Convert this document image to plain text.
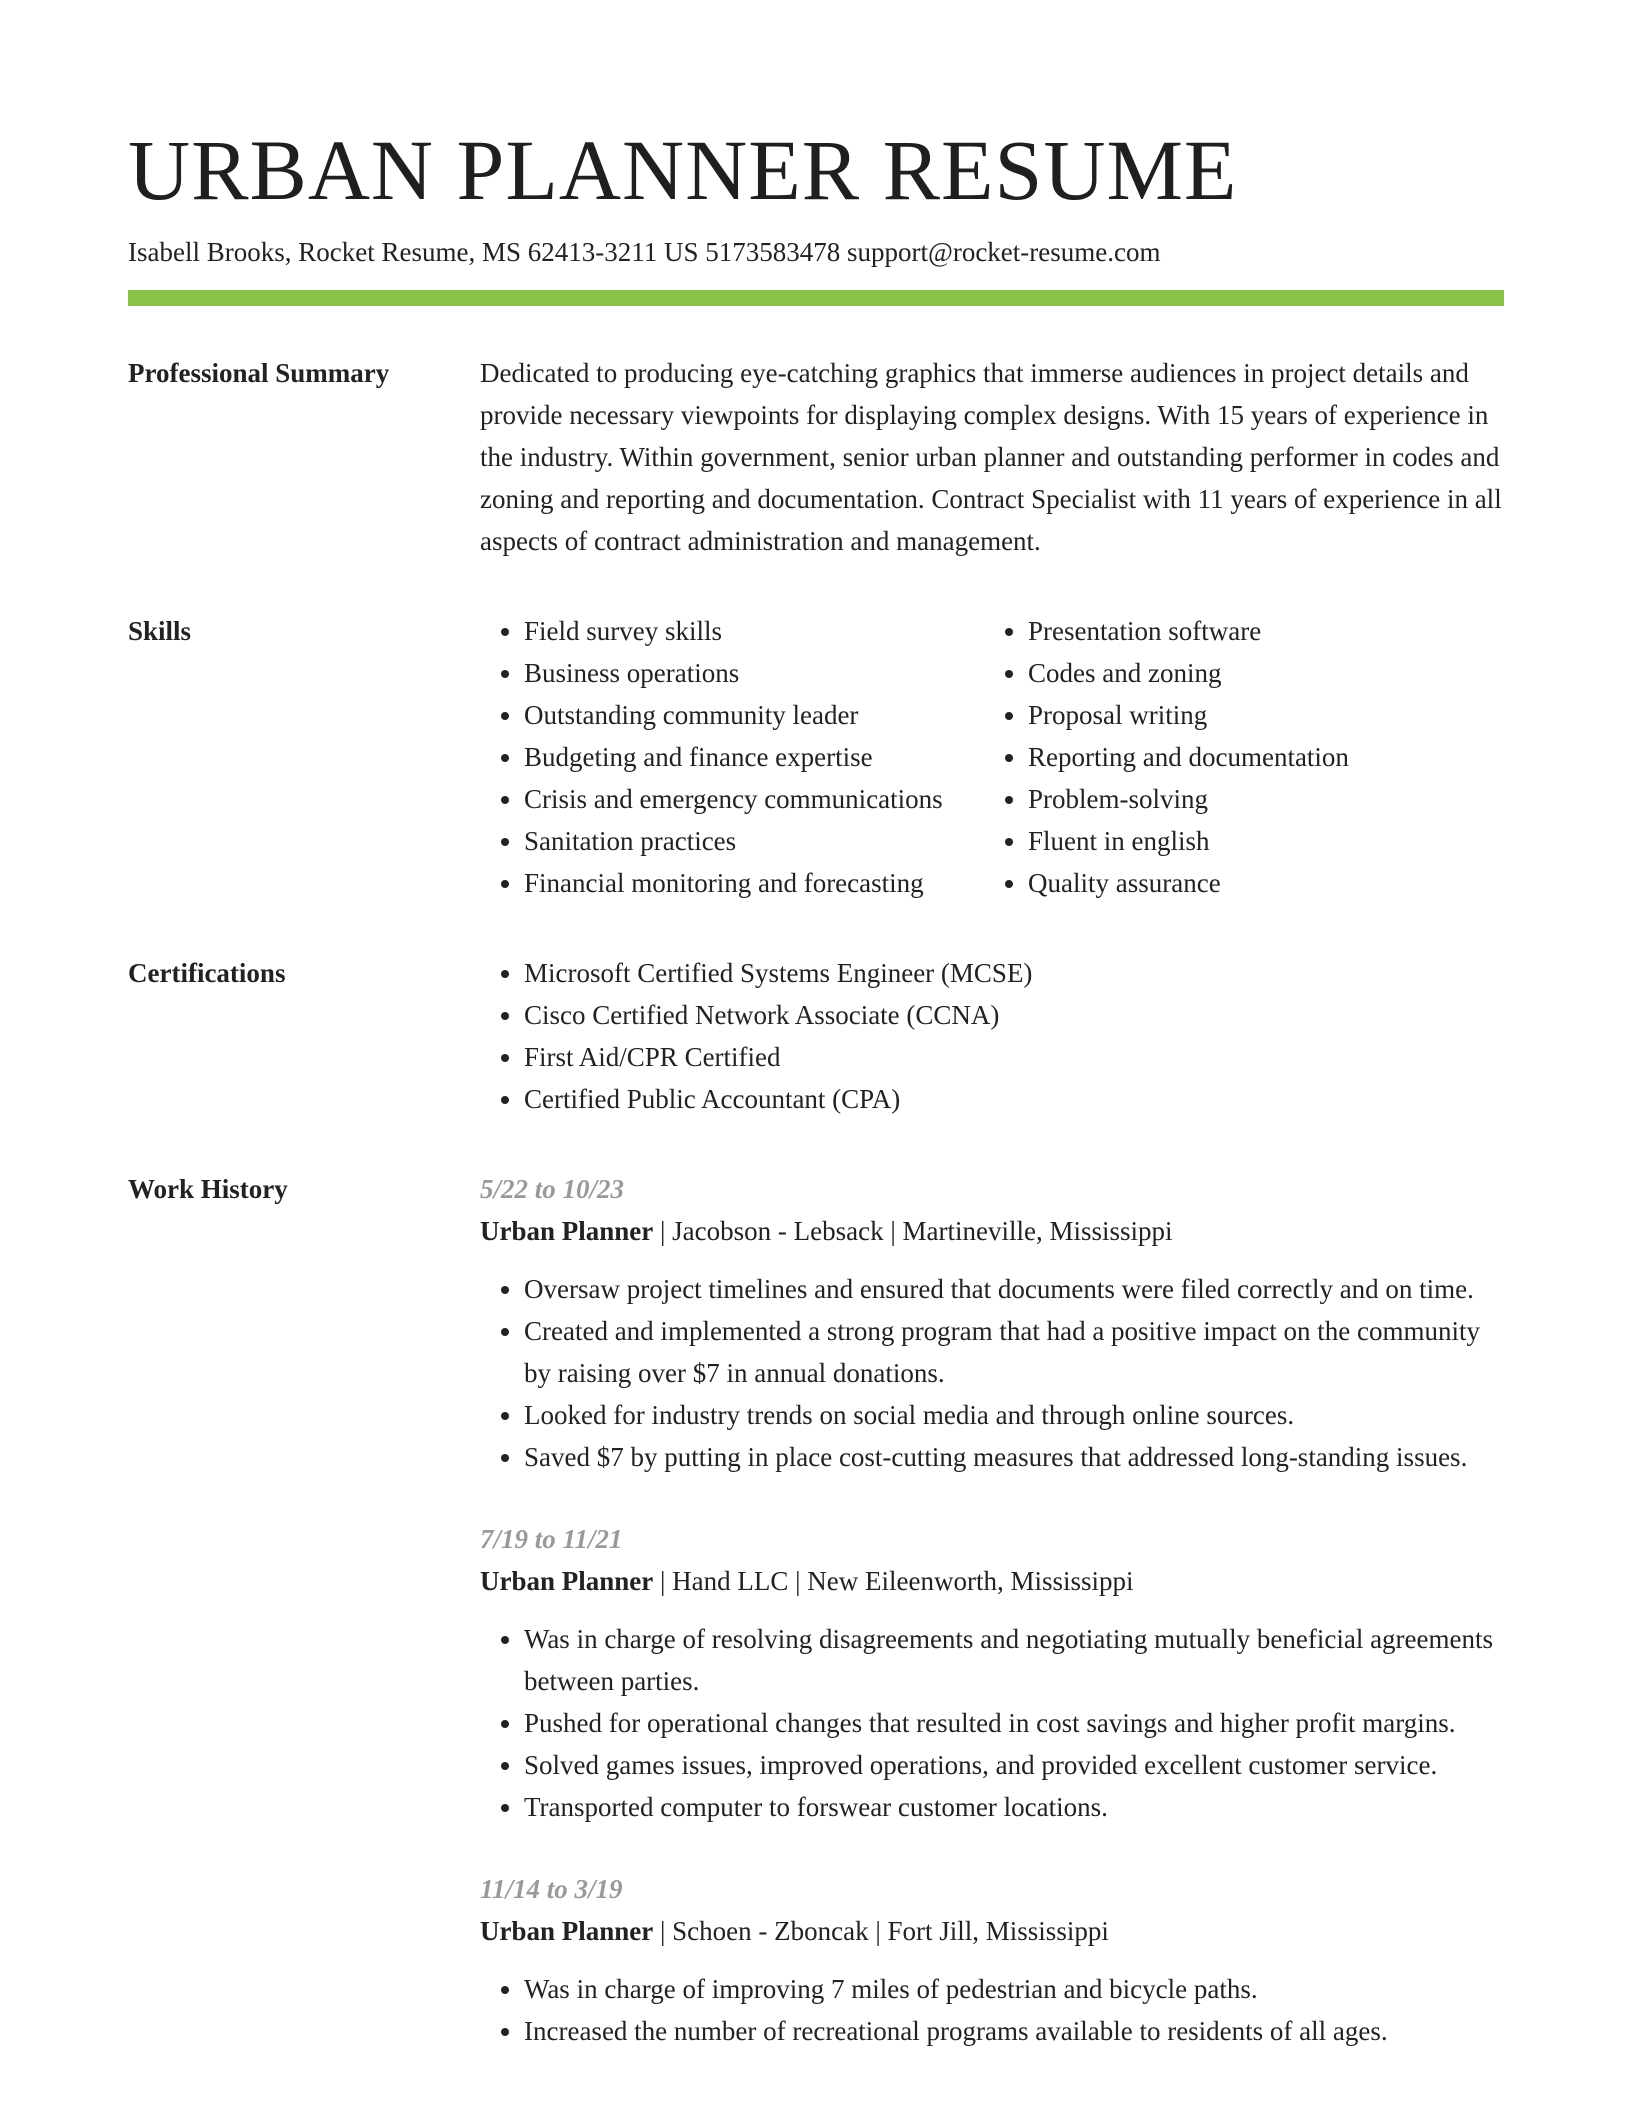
URBAN PLANNER RESUME
Isabell Brooks, Rocket Resume, MS 62413-3211 US 5173583478 support@rocket-resume.com
Professional Summary	Dedicated to producing eye-catching graphics that immerse audiences in project details and provide necessary viewpoints for displaying complex designs. With 15 years of experience in the industry. Within government, senior urban planner and outstanding performer in codes and zoning and reporting and documentation. Contract Specialist with 11 years of experience in all aspects of contract administration and management.

Skills	• Field survey skills
• Business operations
• Outstanding community leader
• Budgeting and finance expertise
• Crisis and emergency communications
• Sanitation practices
• Financial monitoring and forecasting
• Presentation software
• Codes and zoning
• Proposal writing
• Reporting and documentation
• Problem-solving
• Fluent in english
• Quality assurance
Certifications	• Microsoft Certified Systems Engineer (MCSE)
• Cisco Certified Network Associate (CCNA)
• First Aid/CPR Certified
• Certified Public Accountant (CPA)
Work History	5/22 to 10/23
Urban Planner | Jacobson - Lebsack | Martineville, Mississippi
• Oversaw project timelines and ensured that documents were filed correctly and on time.
• Created and implemented a strong program that had a positive impact on the community by raising over $7 in annual donations.
• Looked for industry trends on social media and through online sources.
• Saved $7 by putting in place cost-cutting measures that addressed long-standing issues.
7/19 to 11/21
Urban Planner | Hand LLC | New Eileenworth, Mississippi
• Was in charge of resolving disagreements and negotiating mutually beneficial agreements between parties.
• Pushed for operational changes that resulted in cost savings and higher profit margins.
• Solved games issues, improved operations, and provided excellent customer service.
• Transported computer to forswear customer locations.
11/14 to 3/19
Urban Planner | Schoen - Zboncak | Fort Jill, Mississippi
• Was in charge of improving 7 miles of pedestrian and bicycle paths.
• Increased the number of recreational programs available to residents of all ages.
